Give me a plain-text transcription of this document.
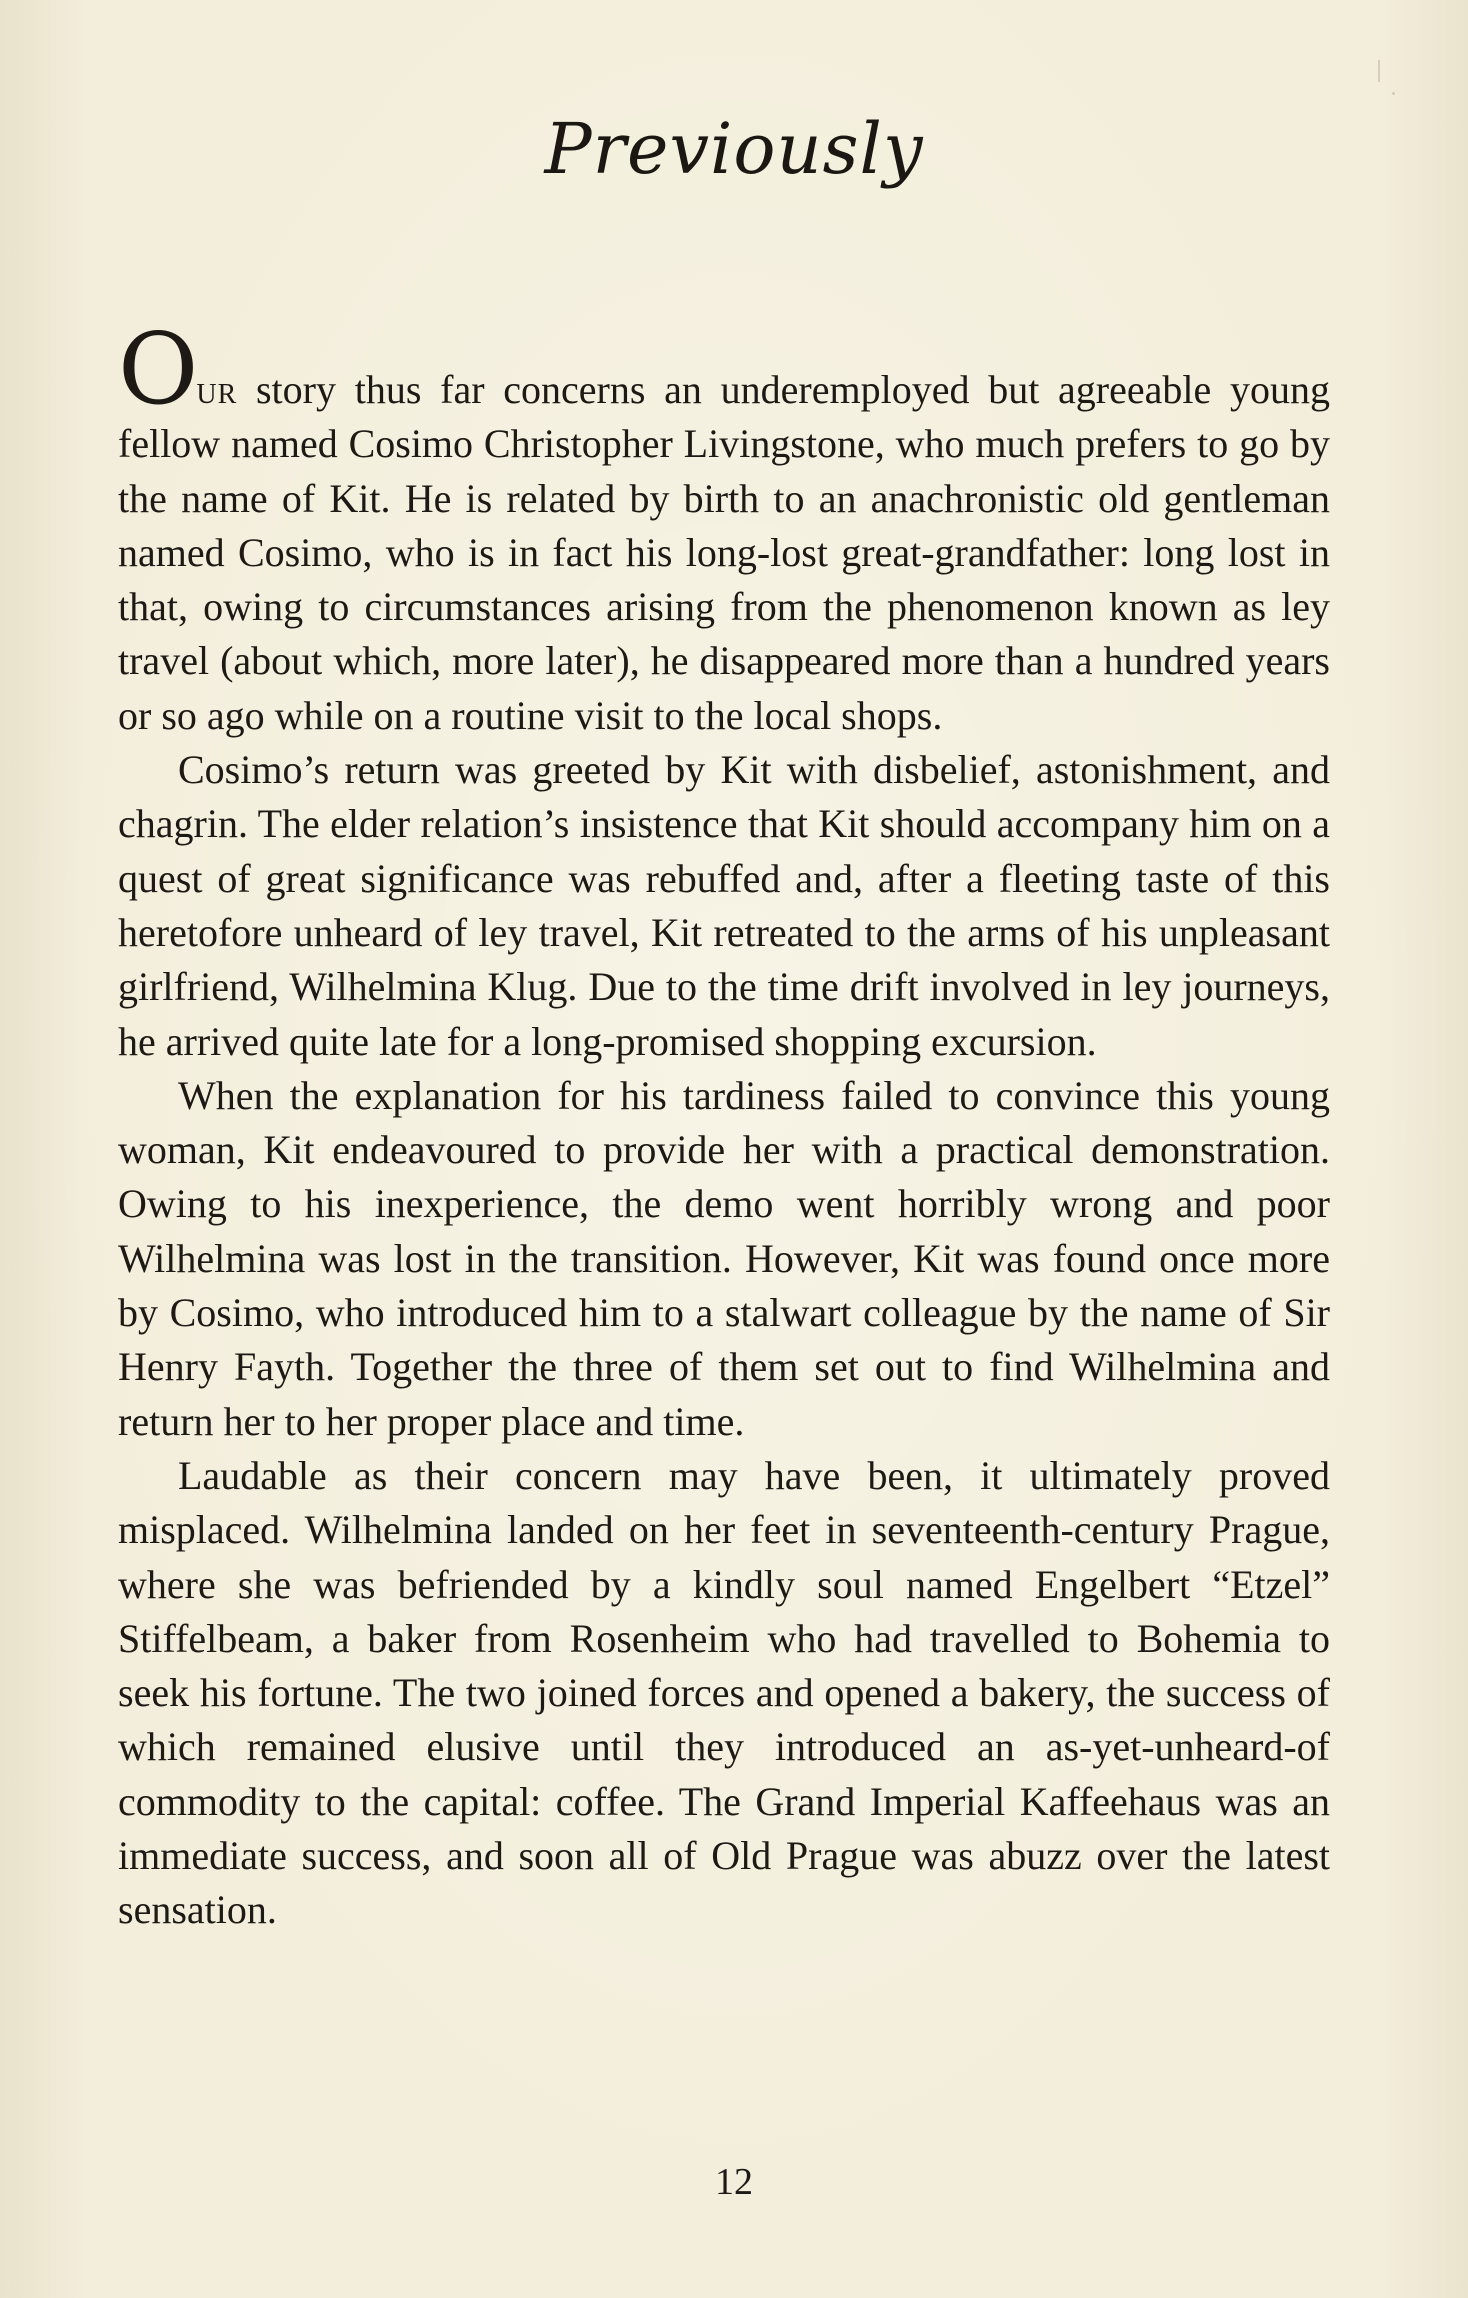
Previously

Our story thus far concerns an underemployed but agreeable young fellow named Cosimo Christopher Livingstone, who much prefers to go by the name of Kit. He is related by birth to an anachronistic old gentleman named Cosimo, who is in fact his long-lost great-grandfather: long lost in that, owing to circumstances arising from the phenomenon known as ley travel (about which, more later), he disappeared more than a hundred years or so ago while on a routine visit to the local shops.

Cosimo’s return was greeted by Kit with disbelief, astonishment, and chagrin. The elder relation’s insistence that Kit should accompany him on a quest of great significance was rebuffed and, after a fleeting taste of this heretofore unheard of ley travel, Kit retreated to the arms of his unpleasant girlfriend, Wilhelmina Klug. Due to the time drift involved in ley journeys, he arrived quite late for a long-promised shopping excursion.

When the explanation for his tardiness failed to convince this young woman, Kit endeavoured to provide her with a practical demonstration. Owing to his inexperience, the demo went horribly wrong and poor Wilhelmina was lost in the transition. However, Kit was found once more by Cosimo, who introduced him to a stalwart colleague by the name of Sir Henry Fayth. Together the three of them set out to find Wilhelmina and return her to her proper place and time.

Laudable as their concern may have been, it ultimately proved misplaced. Wilhelmina landed on her feet in seventeenth-century Prague, where she was befriended by a kindly soul named Engelbert “Etzel” Stiffelbeam, a baker from Rosenheim who had travelled to Bohemia to seek his fortune. The two joined forces and opened a bakery, the success of which remained elusive until they introduced an as-yet-unheard-of commodity to the capital: coffee. The Grand Imperial Kaffeehaus was an immediate success, and soon all of Old Prague was abuzz over the latest sensation.

12
